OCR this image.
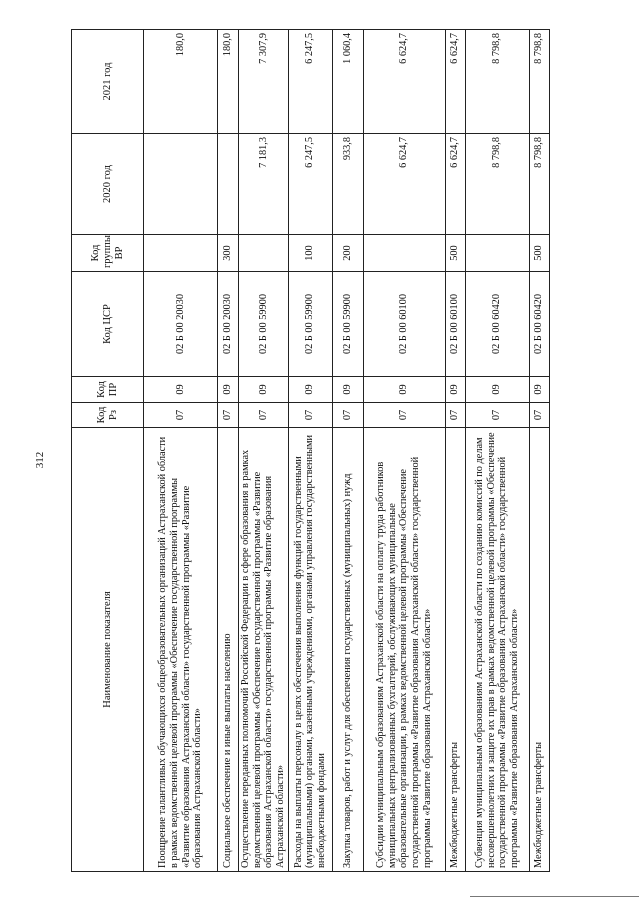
312
Наименование показателя	Код Рз	Код ПР	Код ЦСР	Код группы ВР	2020 год	2021 год
Поощрение талантливых обучающихся общеобразовательных организаций Астраханской области в рамках ведомственной целевой программы «Обеспечение государственной программы «Развитие образования Астраханской области» государственной программы «Развитие образования Астраханской области»	07	09	02 Б 00 20030			180,0
Социальное обеспечение и иные выплаты населению	07	09	02 Б 00 20030	300		180,0
Осуществление переданных полномочий Российской Федерации в сфере образования в рамках ведомственной целевой программы «Обеспечение государственной программы «Развитие образования Астраханской области» государственной программы «Развитие образования Астраханской области»	07	09	02 Б 00 59900		7 181,3	7 307,9
Расходы на выплаты персоналу в целях обеспечения выполнения функций государственными (муниципальными) органами, казенными учреждениями, органами управления государственными внебюджетными фондами	07	09	02 Б 00 59900	100	6 247,5	6 247,5
Закупка товаров, работ и услуг для обеспечения государственных (муниципальных) нужд	07	09	02 Б 00 59900	200	933,8	1 060,4
Субсидии муниципальным образованиям Астраханской области на оплату труда работников муниципальных централизованных бухгалтерий, обслуживающих муниципальные образовательные организации, в рамках ведомственной целевой программы «Обеспечение государственной программы «Развитие образования Астраханской области» государственной программы «Развитие образования Астраханской области»	07	09	02 Б 00 60100		6 624,7	6 624,7
Межбюджетные трансферты	07	09	02 Б 00 60100	500	6 624,7	6 624,7
Субвенция муниципальным образованиям Астраханской области по созданию комиссий по делам несовершеннолетних и защите их прав в рамках ведомственной целевой программы «Обеспечение государственной программы «Развитие образования Астраханской области» государственной программы «Развитие образования Астраханской области»	07	09	02 Б 00 60420		8 798,8	8 798,8
Межбюджетные трансферты	07	09	02 Б 00 60420	500	8 798,8	8 798,8
